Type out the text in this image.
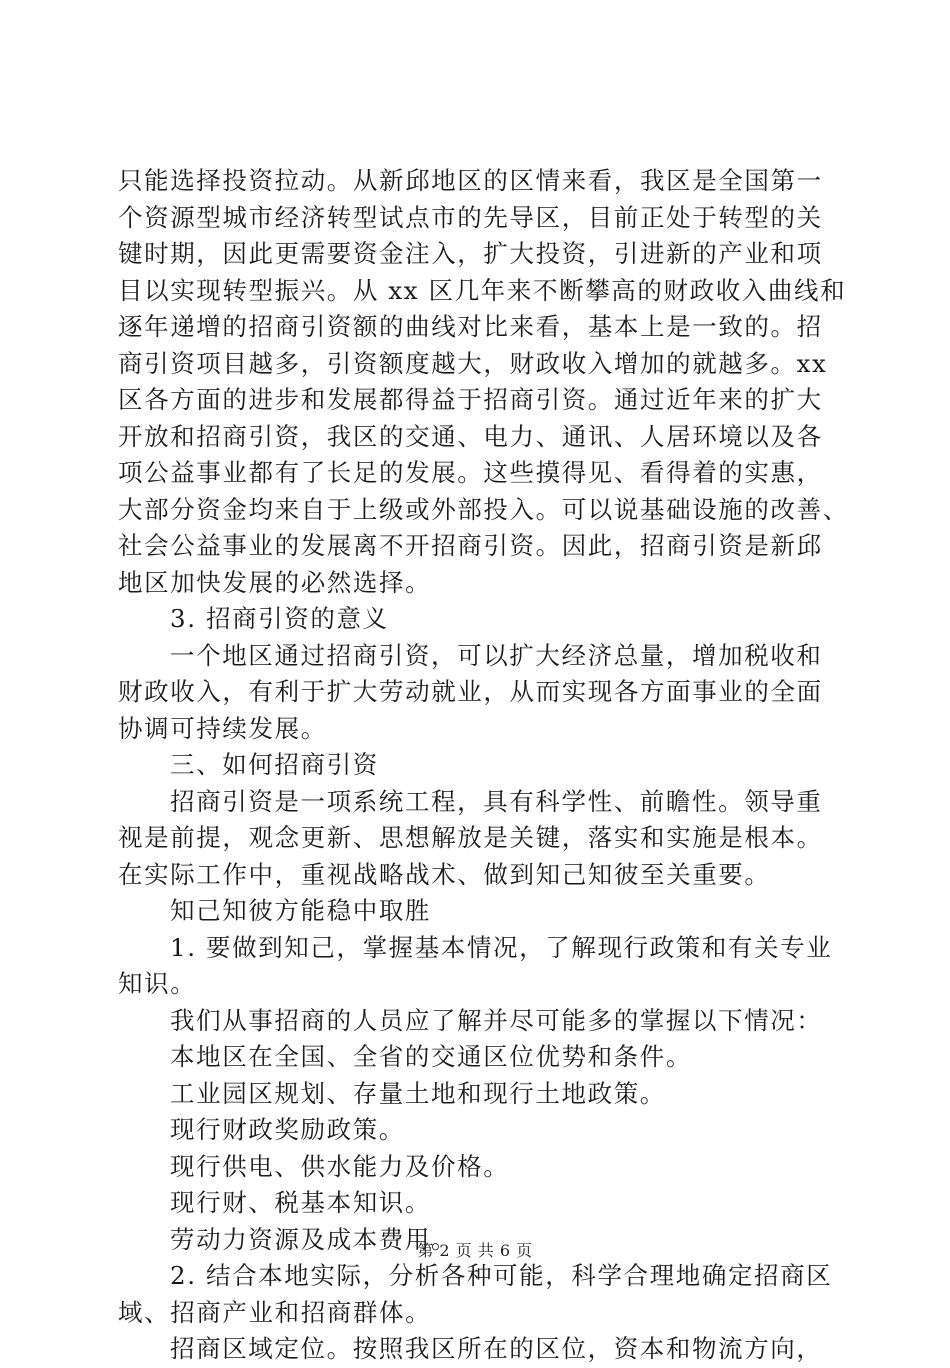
只能选择投资拉动。从新邱地区的区情来看，我区是全国第一
个资源型城市经济转型试点市的先导区，目前正处于转型的关
键时期，因此更需要资金注入，扩大投资，引进新的产业和项
目以实现转型振兴。从 xx 区几年来不断攀高的财政收入曲线和
逐年递增的招商引资额的曲线对比来看，基本上是一致的。招
商引资项目越多，引资额度越大，财政收入增加的就越多。xx
区各方面的进步和发展都得益于招商引资。通过近年来的扩大
开放和招商引资，我区的交通、电力、通讯、人居环境以及各
项公益事业都有了长足的发展。这些摸得见、看得着的实惠，
大部分资金均来自于上级或外部投入。可以说基础设施的改善、
社会公益事业的发展离不开招商引资。因此，招商引资是新邱
地区加快发展的必然选择。
3. 招商引资的意义
一个地区通过招商引资，可以扩大经济总量，增加税收和
财政收入，有利于扩大劳动就业，从而实现各方面事业的全面
协调可持续发展。
三、如何招商引资
招商引资是一项系统工程，具有科学性、前瞻性。领导重
视是前提，观念更新、思想解放是关键，落实和实施是根本。
在实际工作中，重视战略战术、做到知己知彼至关重要。
知己知彼方能稳中取胜
1. 要做到知己，掌握基本情况，了解现行政策和有关专业
知识。
我们从事招商的人员应了解并尽可能多的掌握以下情况：
本地区在全国、全省的交通区位优势和条件。
工业园区规划、存量土地和现行土地政策。
现行财政奖励政策。
现行供电、供水能力及价格。
现行财、税基本知识。
劳动力资源及成本费用。
2. 结合本地实际，分析各种可能，科学合理地确定招商区
域、招商产业和招商群体。
招商区域定位。按照我区所在的区位，资本和物流方向，
第 2 页 共 6 页
